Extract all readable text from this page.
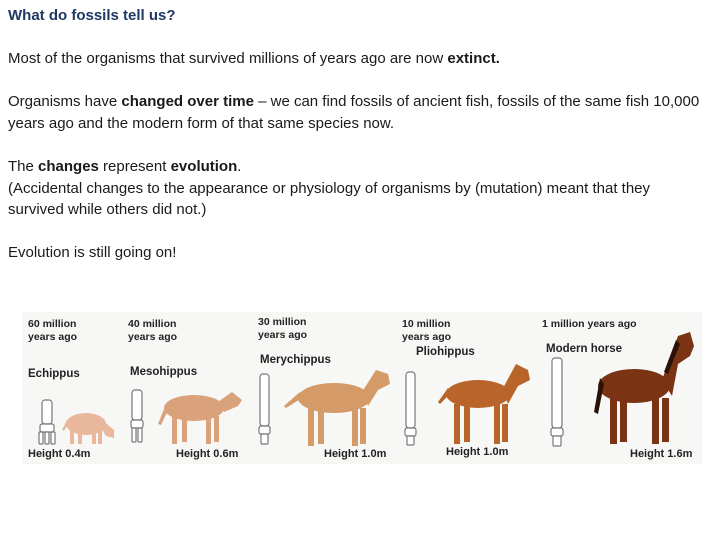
What do fossils tell us?
Most of the organisms that survived millions of years ago are now extinct.
Organisms have changed over time – we can find fossils of ancient fish, fossils of the same fish 10,000 years ago and the modern form of that same species now.
The changes represent evolution.
(Accidental changes to the appearance or physiology of organisms by (mutation) meant that they survived while others did not.)
Evolution is still going on!
60 million
years ago
Echippus
Height 0.4m
40 million
years ago
Mesohippus
Height 0.6m
30 million
years ago
Merychippus
Height 1.0m
10 million
years ago
Pliohippus
Height 1.0m
1 million years ago
Modern horse
Height 1.6m
